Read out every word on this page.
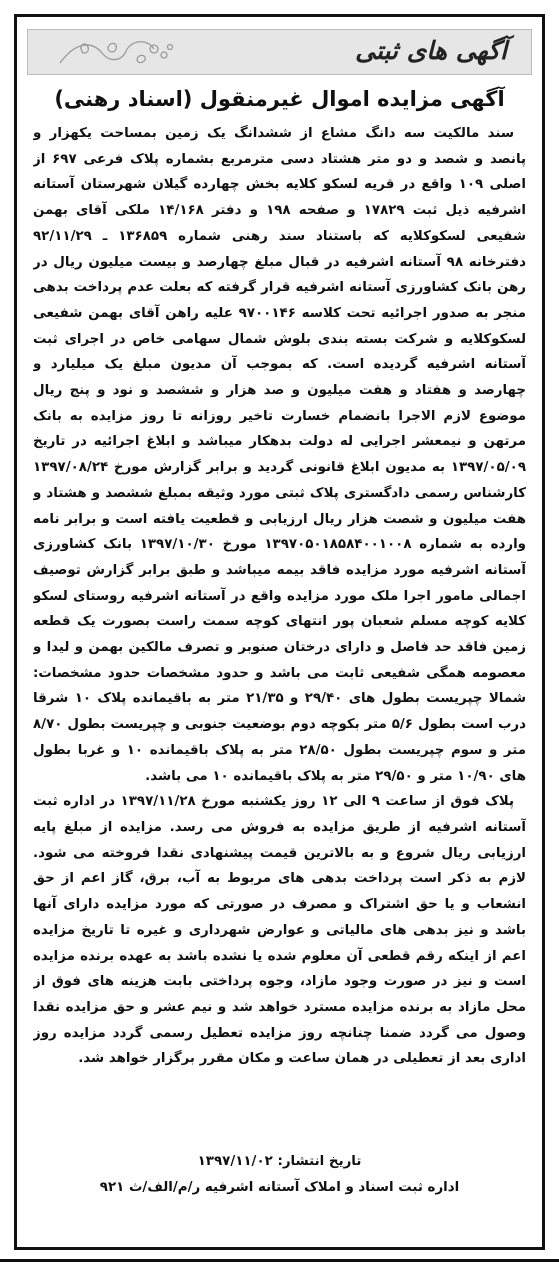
آگهی های ثبتی
آگهی مزایده اموال غیرمنقول (اسناد رهنی)

سند مالکیت سه دانگ مشاع از ششدانگ یک زمین بمساحت یکهزار و پانصد و شصد و دو متر هشتاد دسی مترمربع بشماره پلاک فرعی ۶۹۷ از اصلی ۱۰۹ واقع در قریه لسکو کلایه بخش چهارده گیلان شهرستان آستانه اشرفیه ذیل ثبت ۱۷۸۲۹ و صفحه ۱۹۸ و دفتر ۱۴/۱۶۸ ملکی آقای بهمن شفیعی لسکوکلایه که باستناد سند رهنی شماره ۱۳۶۸۵۹ ـ ۹۲/۱۱/۲۹ دفترخانه ۹۸ آستانه اشرفیه در قبال مبلغ چهارصد و بیست میلیون ریال در رهن بانک کشاورزی آستانه اشرفیه قرار گرفته که بعلت عدم پرداخت بدهی منجر به صدور اجرائیه تحت کلاسه ۹۷۰۰۱۴۶ علیه راهن آقای بهمن شفیعی لسکوکلایه و شرکت بسته بندی بلوش شمال سهامی خاص در اجرای ثبت آستانه اشرفیه گردیده است. که بموجب آن مدیون مبلغ یک میلیارد و چهارصد و هفتاد و هفت میلیون و صد هزار و ششصد و نود و پنج ریال موضوع لازم الاجرا بانضمام خسارت تاخیر روزانه تا روز مزایده به بانک مرتهن و نیمعشر اجرایی له دولت بدهکار میباشد و ابلاغ اجرائیه در تاریخ ۱۳۹۷/۰۵/۰۹ به مدیون ابلاغ قانونی گردید و برابر گزارش مورخ ۱۳۹۷/۰۸/۲۴ کارشناس رسمی دادگستری پلاک ثبتی مورد وثیقه بمبلغ ششصد و هشتاد و هفت میلیون و شصت هزار ریال ارزیابی و قطعیت یافته است و برابر نامه وارده به شماره ۱۳۹۷۰۵۰۱۸۵۸۴۰۰۱۰۰۸ مورخ ۱۳۹۷/۱۰/۳۰ بانک کشاورزی آستانه اشرفیه مورد مزایده فاقد بیمه میباشد و طبق برابر گزارش توصیف اجمالی مامور اجرا ملک مورد مزایده واقع در آستانه اشرفیه روستای لسکو کلایه کوچه مسلم شعبان پور انتهای کوچه سمت راست بصورت یک قطعه زمین فاقد حد فاصل و دارای درختان صنوبر و تصرف مالکین بهمن و لیدا و معصومه همگی شفیعی ثابت می باشد و حدود مشخصات حدود مشخصات: شمالا چپریست بطول های ۲۹/۴۰ و ۲۱/۳۵ متر به باقیمانده پلاک ۱۰ شرقا درب است بطول ۵/۶ متر بکوچه دوم بوضعیت جنوبی و چپریست بطول ۸/۷۰ متر و سوم چپریست بطول ۲۸/۵۰ متر به پلاک باقیمانده ۱۰ و غربا بطول های ۱۰/۹۰ متر و ۲۹/۵۰ متر به پلاک باقیمانده ۱۰ می باشد.

پلاک فوق از ساعت ۹ الی ۱۲ روز یکشنبه مورخ ۱۳۹۷/۱۱/۲۸ در اداره ثبت آستانه اشرفیه از طریق مزایده به فروش می رسد. مزایده از مبلغ پایه ارزیابی ریال شروع و به بالاترین قیمت پیشنهادی نقدا فروخته می شود. لازم به ذکر است پرداخت بدهی های مربوط به آب، برق، گاز اعم از حق انشعاب و یا حق اشتراک و مصرف در صورتی که مورد مزایده دارای آنها باشد و نیز بدهی های مالیاتی و عوارض شهرداری و غیره تا تاریخ مزایده اعم از اینکه رقم قطعی آن معلوم شده یا نشده باشد به عهده برنده مزایده است و نیز در صورت وجود مازاد، وجوه پرداختی بابت هزینه های فوق از محل مازاد به برنده مزایده مسترد خواهد شد و نیم عشر و حق مزایده نقدا وصول می گردد ضمنا چنانچه روز مزایده تعطیل رسمی گردد مزایده روز اداری بعد از تعطیلی در همان ساعت و مکان مقرر برگزار خواهد شد.

تاریخ انتشار: ۱۳۹۷/۱۱/۰۲
اداره ثبت اسناد و املاک آستانه اشرفیه ر/م/الف/ث ۹۲۱
